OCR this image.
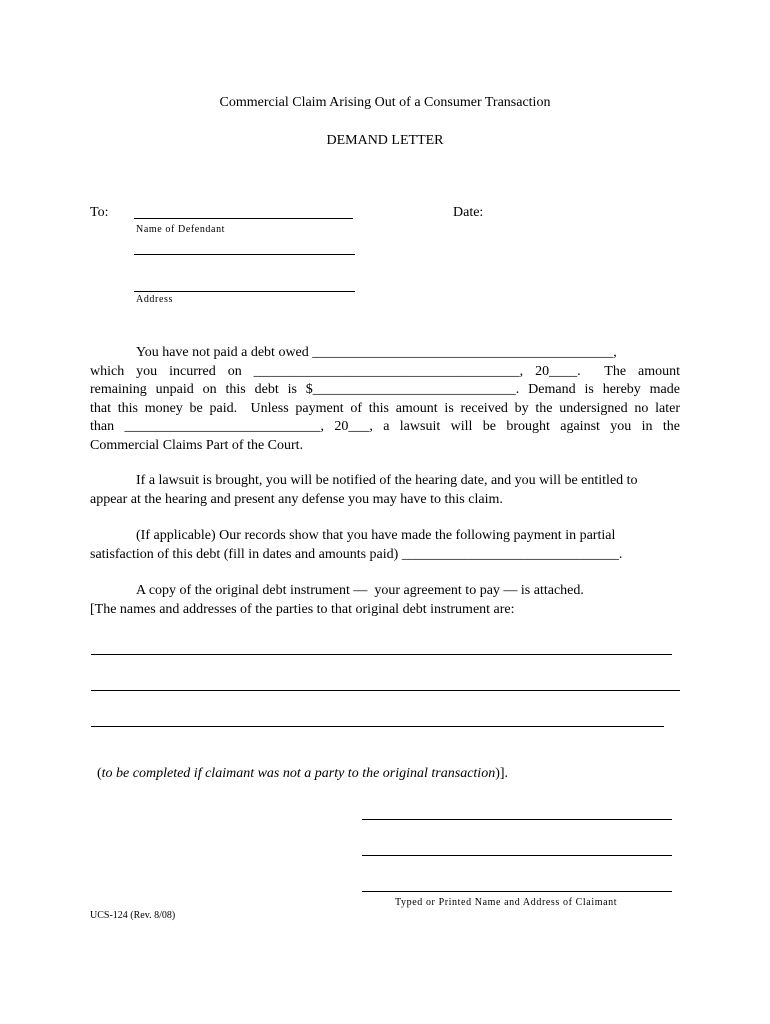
Commercial Claim Arising Out of a Consumer Transaction
DEMAND LETTER
To:
Name of Defendant
Date:
Address
You have not paid a debt owed ___________________________________________,
which you incurred on ______________________________________, 20____.  The amount
remaining unpaid on this debt is $_____________________________. Demand is hereby made
that this money be paid.  Unless payment of this amount is received by the undersigned no later
than ____________________________, 20___, a lawsuit will be brought against you in the
Commercial Claims Part of the Court.
If a lawsuit is brought, you will be notified of the hearing date, and you will be entitled to
appear at the hearing and present any defense you may have to this claim.
(If applicable) Our records show that you have made the following payment in partial
satisfaction of this debt (fill in dates and amounts paid) _______________________________.
A copy of the original debt instrument —  your agreement to pay — is attached.
[The names and addresses of the parties to that original debt instrument are:

(to be completed if claimant was not a party to the original transaction)].

Typed or Printed Name and Address of Claimant
UCS-124 (Rev. 8/08)
